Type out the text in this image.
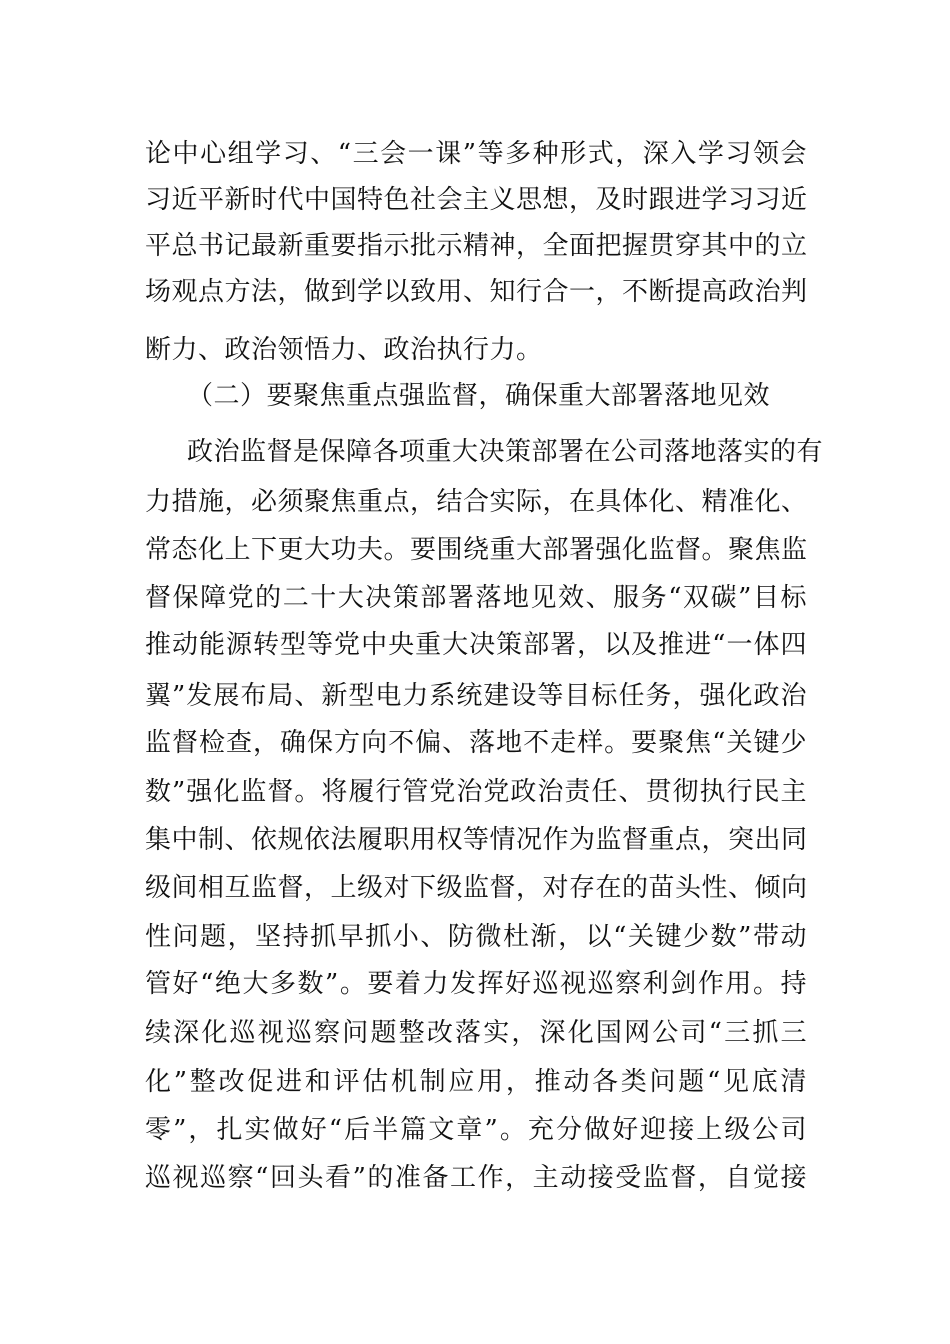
论中心组学习、“三会一课”等多种形式，深入学习领会
习近平新时代中国特色社会主义思想，及时跟进学习习近
平总书记最新重要指示批示精神，全面把握贯穿其中的立
场观点方法，做到学以致用、知行合一，不断提高政治判
断力、政治领悟力、政治执行力。
（二）要聚焦重点强监督，确保重大部署落地见效
政治监督是保障各项重大决策部署在公司落地落实的有
力措施，必须聚焦重点，结合实际，在具体化、精准化、
常态化上下更大功夫。要围绕重大部署强化监督。聚焦监
督保障党的二十大决策部署落地见效、服务“双碳”目标
推动能源转型等党中央重大决策部署，以及推进“一体四
翼”发展布局、新型电力系统建设等目标任务，强化政治
监督检查，确保方向不偏、落地不走样。要聚焦“关键少
数”强化监督。将履行管党治党政治责任、贯彻执行民主
集中制、依规依法履职用权等情况作为监督重点，突出同
级间相互监督，上级对下级监督，对存在的苗头性、倾向
性问题，坚持抓早抓小、防微杜渐，以“关键少数”带动
管好“绝大多数”。要着力发挥好巡视巡察利剑作用。持
续深化巡视巡察问题整改落实，深化国网公司“三抓三
化”整改促进和评估机制应用，推动各类问题“见底清
零”，扎实做好“后半篇文章”。充分做好迎接上级公司
巡视巡察“回头看”的准备工作，主动接受监督，自觉接
